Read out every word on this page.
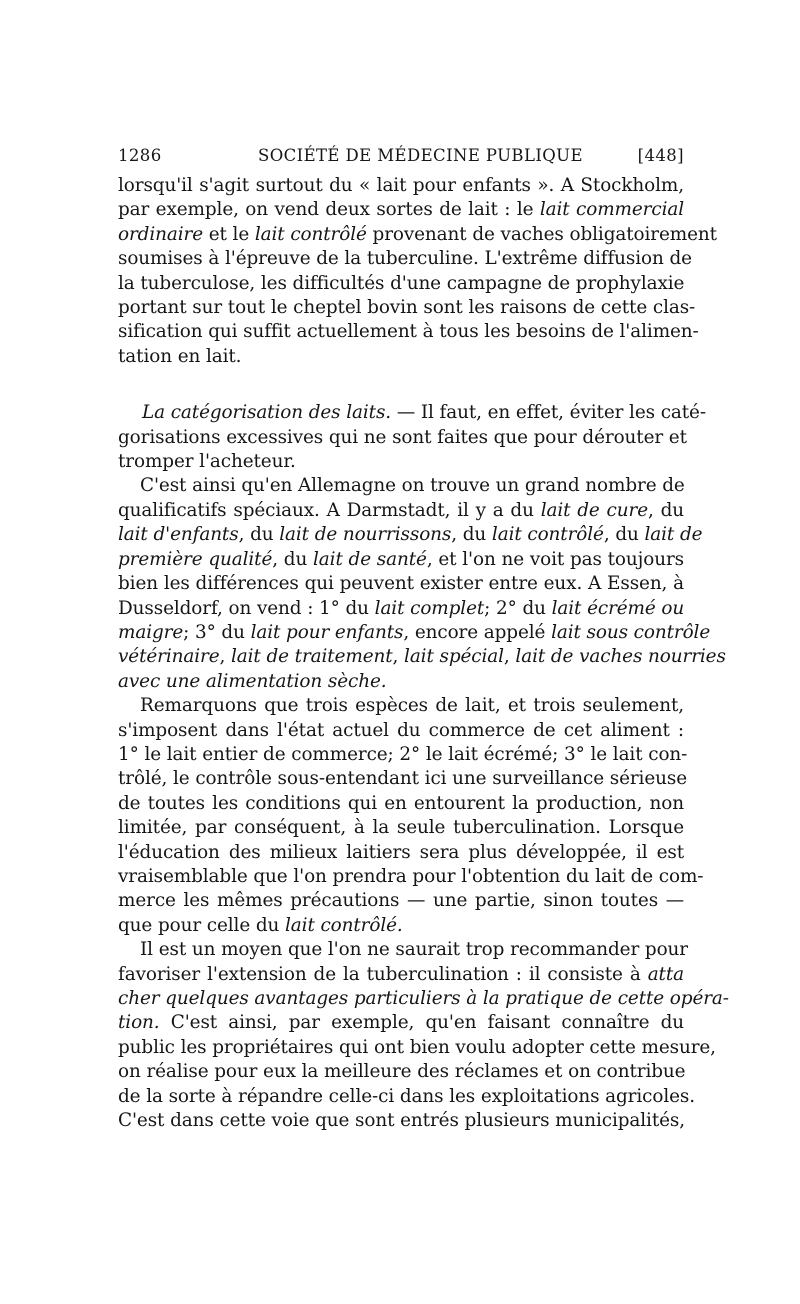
1286	SOCIÉTÉ DE MÉDECINE PUBLIQUE	[448]

lorsqu'il s'agit surtout du « lait pour enfants ». A Stockholm,
par exemple, on vend deux sortes de lait : le lait commercial
ordinaire et le lait contrôlé provenant de vaches obligatoirement
soumises à l'épreuve de la tuberculine. L'extrême diffusion de
la tuberculose, les difficultés d'une campagne de prophylaxie
portant sur tout le cheptel bovin sont les raisons de cette clas-
sification qui suffit actuellement à tous les besoins de l'alimen-
tation en lait.

La catégorisation des laits. — Il faut, en effet, éviter les caté-
gorisations excessives qui ne sont faites que pour dérouter et
tromper l'acheteur.

C'est ainsi qu'en Allemagne on trouve un grand nombre de
qualificatifs spéciaux. A Darmstadt, il y a du lait de cure, du
lait d'enfants, du lait de nourrissons, du lait contrôlé, du lait de
première qualité, du lait de santé, et l'on ne voit pas toujours
bien les différences qui peuvent exister entre eux. A Essen, à
Dusseldorf, on vend : 1° du lait complet; 2° du lait écrémé ou
maigre; 3° du lait pour enfants, encore appelé lait sous contrôle
vétérinaire, lait de traitement, lait spécial, lait de vaches nourries
avec une alimentation sèche.

Remarquons que trois espèces de lait, et trois seulement,
s'imposent dans l'état actuel du commerce de cet aliment :
1° le lait entier de commerce; 2° le lait écrémé; 3° le lait con-
trôlé, le contrôle sous-entendant ici une surveillance sérieuse
de toutes les conditions qui en entourent la production, non
limitée, par conséquent, à la seule tuberculination. Lorsque
l'éducation des milieux laitiers sera plus développée, il est
vraisemblable que l'on prendra pour l'obtention du lait de com-
merce les mêmes précautions — une partie, sinon toutes —
que pour celle du lait contrôlé.

Il est un moyen que l'on ne saurait trop recommander pour
favoriser l'extension de la tuberculination : il consiste à atta
cher quelques avantages particuliers à la pratique de cette opéra-
tion. C'est ainsi, par exemple, qu'en faisant connaître du
public les propriétaires qui ont bien voulu adopter cette mesure,
on réalise pour eux la meilleure des réclames et on contribue
de la sorte à répandre celle-ci dans les exploitations agricoles.
C'est dans cette voie que sont entrés plusieurs municipalités,
